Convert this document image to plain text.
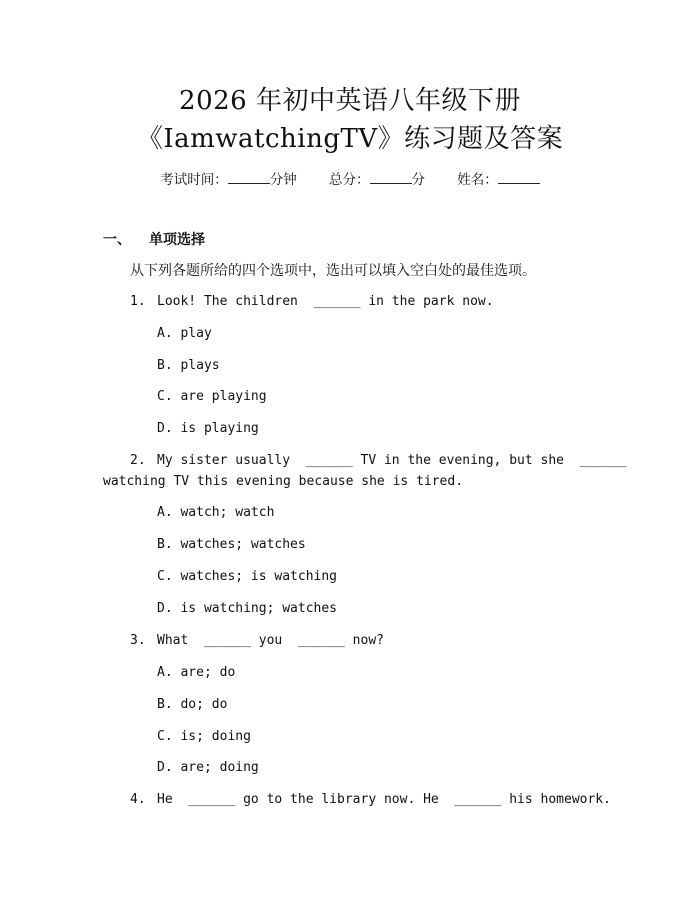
2026 年初中英语八年级下册

《IamwatchingTV》练习题及答案

考试时间：	分钟 总分：	分 姓名：
一、 单项选择
从下列各题所给的四个选项中，选出可以填入空白处的最佳选项。
1. Look! The children  ______ in the park now.
A. play
B. plays
C. are playing
D. is playing
2. My sister usually  ______ TV in the evening, but she  ______
watching TV this evening because she is tired.
A. watch; watch
B. watches; watches
C. watches; is watching
D. is watching; watches
3. What  ______ you  ______ now?
A. are; do
B. do; do
C. is; doing
D. are; doing
4. He  ______ go to the library now. He  ______ his homework.
